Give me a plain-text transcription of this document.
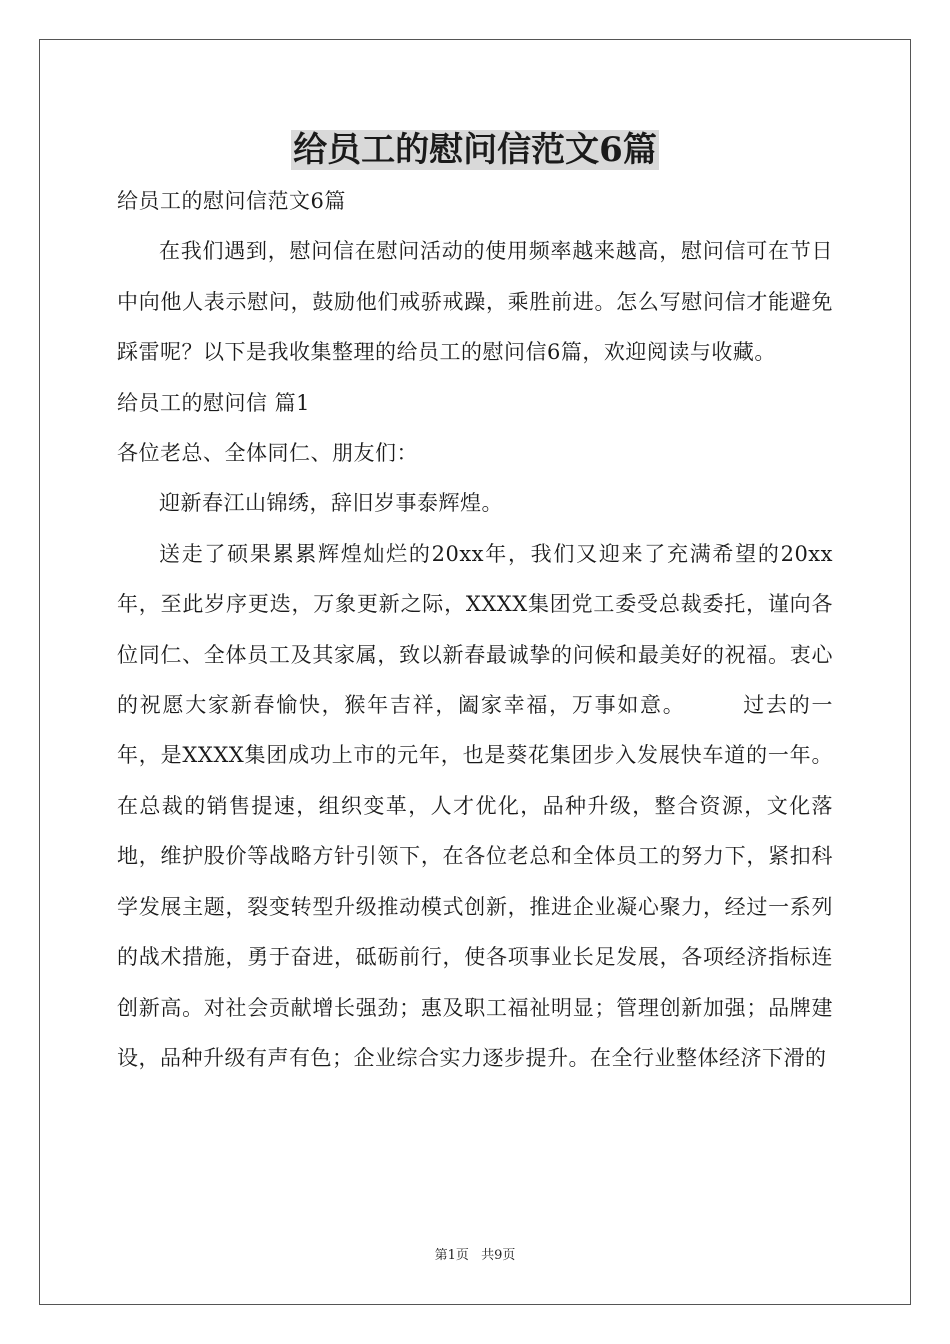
给员工的慰问信范文6篇

给员工的慰问信范文6篇

在我们遇到，慰问信在慰问活动的使用频率越来越高，慰问信可在节日中向他人表示慰问，鼓励他们戒骄戒躁，乘胜前进。怎么写慰问信才能避免踩雷呢？以下是我收集整理的给员工的慰问信6篇，欢迎阅读与收藏。

给员工的慰问信 篇1

各位老总、全体同仁、朋友们：

迎新春江山锦绣，辞旧岁事泰辉煌。

送走了硕果累累辉煌灿烂的20xx年，我们又迎来了充满希望的20xx年，至此岁序更迭，万象更新之际，XXXX集团党工委受总裁委托，谨向各位同仁、全体员工及其家属，致以新春最诚挚的问候和最美好的祝福。衷心的祝愿大家新春愉快，猴年吉祥，阖家幸福，万事如意。　　　过去的一年，是XXXX集团成功上市的元年，也是葵花集团步入发展快车道的一年。在总裁的销售提速，组织变革，人才优化，品种升级，整合资源，文化落地，维护股价等战略方针引领下，在各位老总和全体员工的努力下，紧扣科学发展主题，裂变转型升级推动模式创新，推进企业凝心聚力，经过一系列的战术措施，勇于奋进，砥砺前行，使各项事业长足发展，各项经济指标连创新高。对社会贡献增长强劲；惠及职工福祉明显；管理创新加强；品牌建设，品种升级有声有色；企业综合实力逐步提升。在全行业整体经济下滑的

第1页 共9页
